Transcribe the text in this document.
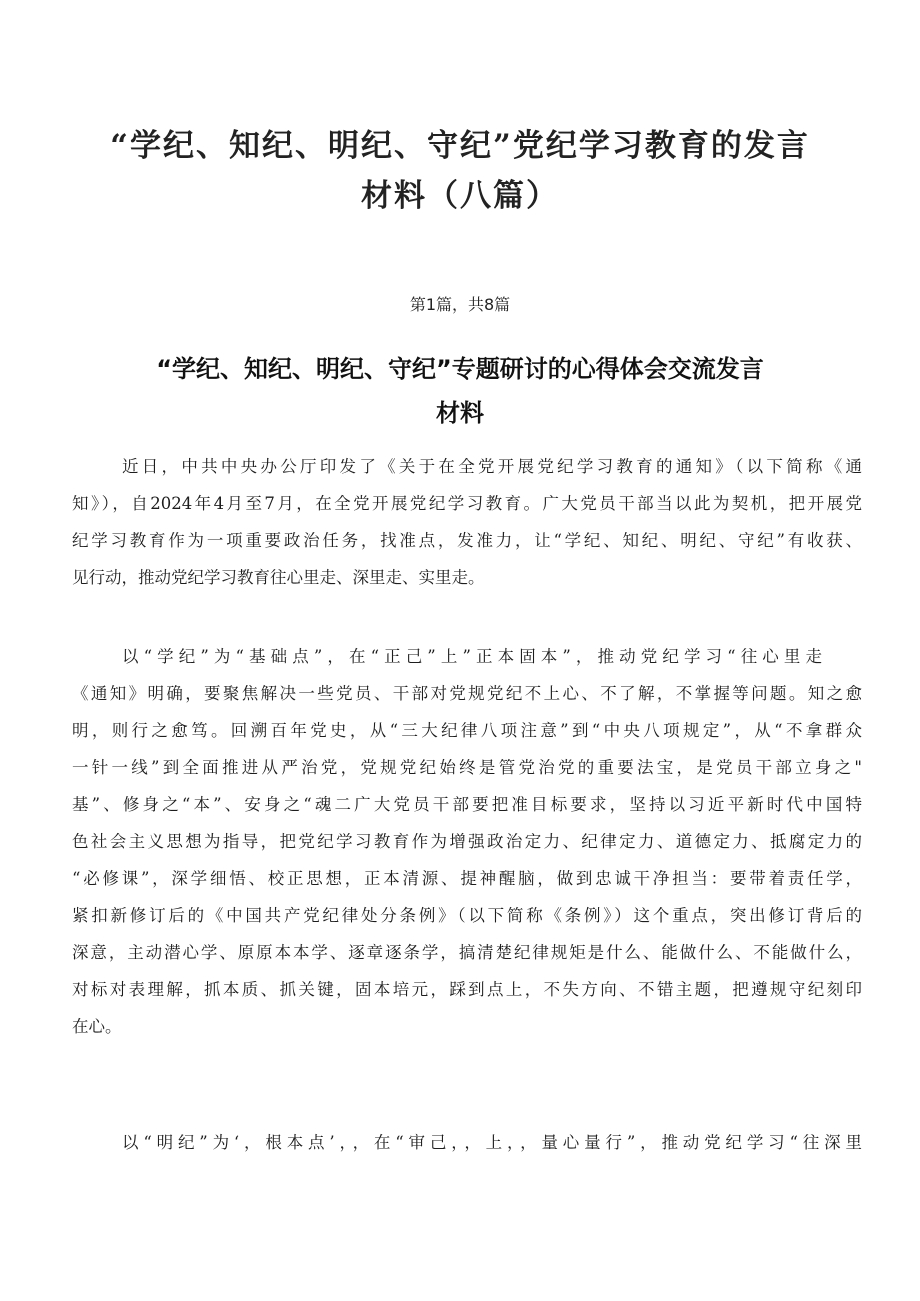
“学纪、知纪、明纪、守纪”党纪学习教育的发言
材料（八篇）
第1篇，共8篇
“学纪、知纪、明纪、守纪”专题研讨的心得体会交流发言
材料
近日，中共中央办公厅印发了《关于在全党开展党纪学习教育的通知》（以下简称《通
知》），自2024年4月至7月，在全党开展党纪学习教育。广大党员干部当以此为契机，把开展党
纪学习教育作为一项重要政治任务，找准点，发准力，让“学纪、知纪、明纪、守纪”有收获、
见行动，推动党纪学习教育往心里走、深里走、实里走。
以“学纪”为“基础点”，在“正己”上”正本固本”，推动党纪学习“往心里走
《通知》明确，要聚焦解决一些党员、干部对党规党纪不上心、不了解，不掌握等问题。知之愈
明，则行之愈笃。回溯百年党史，从“三大纪律八项注意”到“中央八项规定”，从“不拿群众
一针一线”到全面推进从严治党，党规党纪始终是管党治党的重要法宝，是党员干部立身之"
基”、修身之“本”、安身之“魂二广大党员干部要把准目标要求，坚持以习近平新时代中国特
色社会主义思想为指导，把党纪学习教育作为增强政治定力、纪律定力、道德定力、抵腐定力的
“必修课”，深学细悟、校正思想，正本清源、提神醒脑，做到忠诚干净担当：要带着责任学，
紧扣新修订后的《中国共产党纪律处分条例》（以下简称《条例》）这个重点，突出修订背后的
深意，主动潜心学、原原本本学、逐章逐条学，搞清楚纪律规矩是什么、能做什么、不能做什么，
对标对表理解，抓本质、抓关键，固本培元，踩到点上，不失方向、不错主题，把遵规守纪刻印
在心。
以“明纪”为‘，根本点’，，在“审己，，上，，量心量行”，推动党纪学习“往深里
